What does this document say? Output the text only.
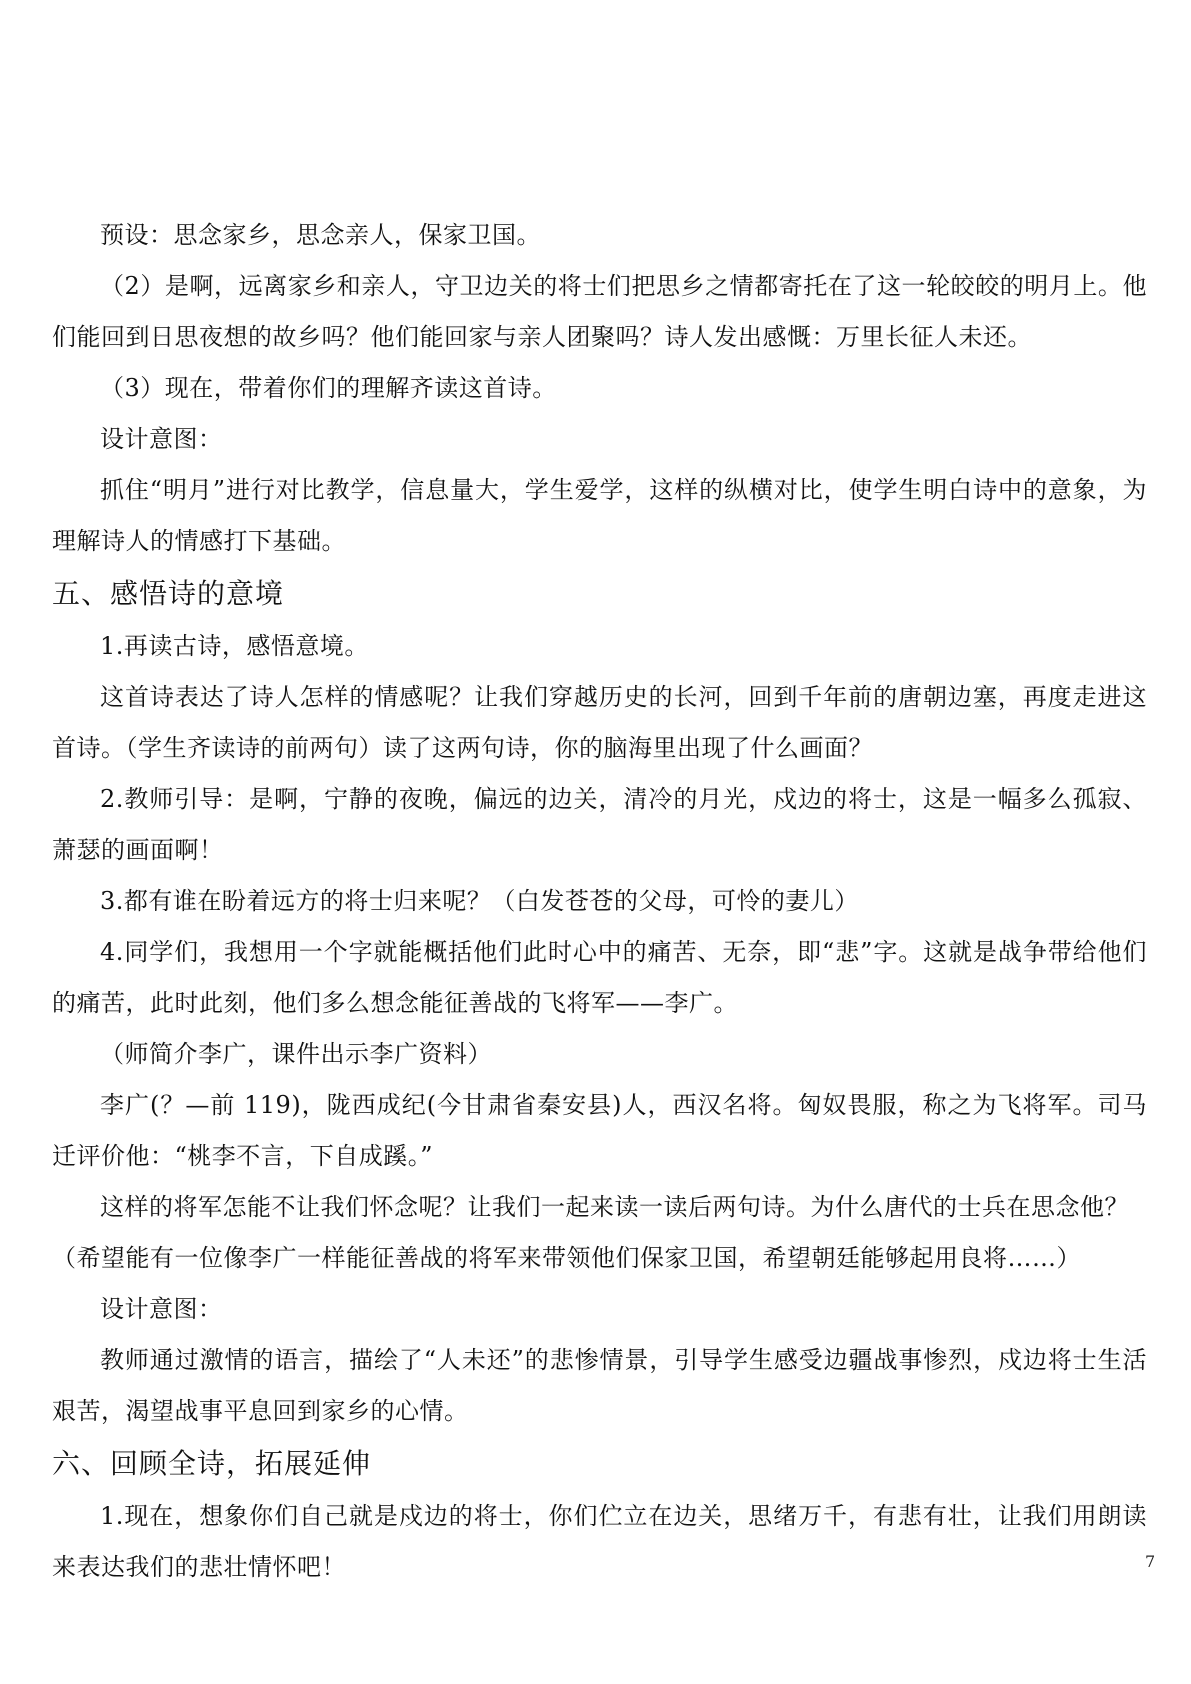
预设：思念家乡，思念亲人，保家卫国。

（2）是啊，远离家乡和亲人，守卫边关的将士们把思乡之情都寄托在了这一轮皎皎的明月上。他们能回到日思夜想的故乡吗？他们能回家与亲人团聚吗？诗人发出感慨：万里长征人未还。

（3）现在，带着你们的理解齐读这首诗。

设计意图：

抓住“明月”进行对比教学，信息量大，学生爱学，这样的纵横对比，使学生明白诗中的意象，为理解诗人的情感打下基础。

五、感悟诗的意境

1.再读古诗，感悟意境。

这首诗表达了诗人怎样的情感呢？让我们穿越历史的长河，回到千年前的唐朝边塞，再度走进这首诗。（学生齐读诗的前两句）读了这两句诗，你的脑海里出现了什么画面？

2.教师引导：是啊，宁静的夜晚，偏远的边关，清冷的月光，戍边的将士，这是一幅多么孤寂、萧瑟的画面啊！

3.都有谁在盼着远方的将士归来呢？（白发苍苍的父母，可怜的妻儿）

4.同学们，我想用一个字就能概括他们此时心中的痛苦、无奈，即“悲”字。这就是战争带给他们的痛苦，此时此刻，他们多么想念能征善战的飞将军——李广。

（师简介李广，课件出示李广资料）

李广(？—前 119)，陇西成纪(今甘肃省秦安县)人，西汉名将。匈奴畏服，称之为飞将军。司马迁评价他：“桃李不言，下自成蹊。”

这样的将军怎能不让我们怀念呢？让我们一起来读一读后两句诗。为什么唐代的士兵在思念他？

（希望能有一位像李广一样能征善战的将军来带领他们保家卫国，希望朝廷能够起用良将……）

设计意图：

教师通过激情的语言，描绘了“人未还”的悲惨情景，引导学生感受边疆战事惨烈，戍边将士生活艰苦，渴望战事平息回到家乡的心情。

六、回顾全诗，拓展延伸

1.现在，想象你们自己就是戍边的将士，你们伫立在边关，思绪万千，有悲有壮，让我们用朗读来表达我们的悲壮情怀吧！	7
